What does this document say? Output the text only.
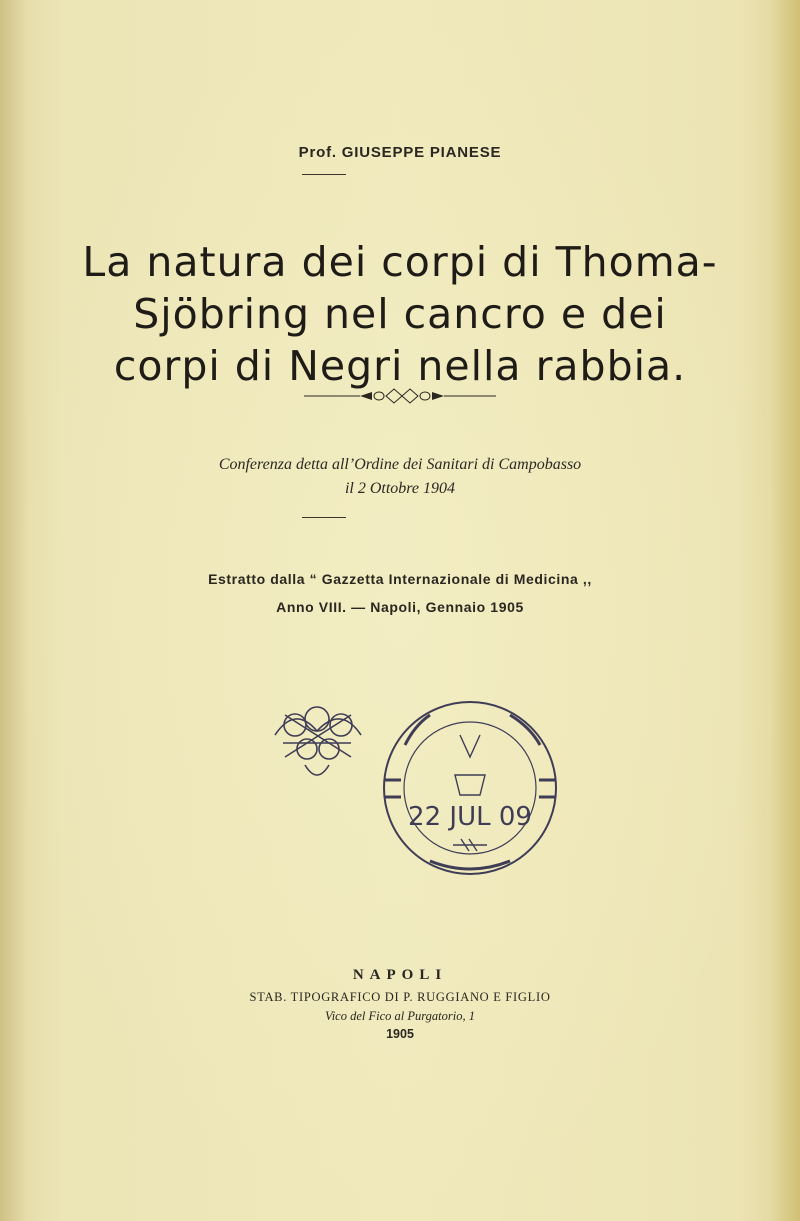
Prof. GIUSEPPE PIANESE
La natura dei corpi di Thoma-
Sjöbring nel cancro e dei
corpi di Negri nella rabbia.
Conferenza detta all’Ordine dei Sanitari di Campobasso
il 2 Ottobre 1904
Estratto dalla “ Gazzetta Internazionale di Medicina ,,
Anno VIII. — Napoli, Gennaio 1905
22 JUL 09
NAPOLI
STAB. TIPOGRAFICO DI P. RUGGIANO E FIGLIO
Vico del Fico al Purgatorio, 1
1905
